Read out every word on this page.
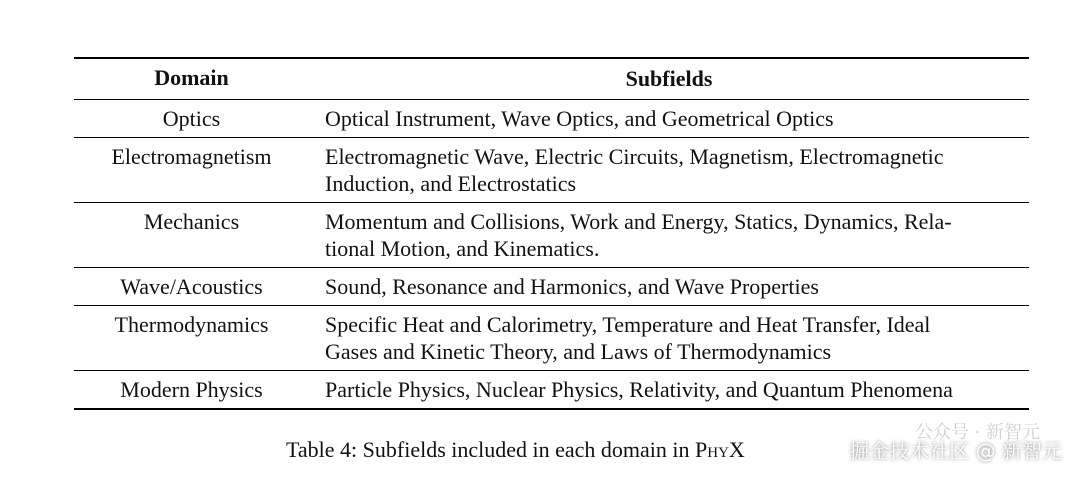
Domain	Subfields
Optics	Optical Instrument, Wave Optics, and Geometrical Optics
Electromagnetism	Electromagnetic Wave, Electric Circuits, Magnetism, Electromagnetic
Induction, and Electrostatics

Mechanics	Momentum and Collisions, Work and Energy, Statics, Dynamics, Rela-
tional Motion, and Kinematics.

Wave/Acoustics	Sound, Resonance and Harmonics, and Wave Properties
Thermodynamics	Specific Heat and Calorimetry, Temperature and Heat Transfer, Ideal
Gases and Kinetic Theory, and Laws of Thermodynamics

Modern Physics	Particle Physics, Nuclear Physics, Relativity, and Quantum Phenomena
Table 4: Subfields included in each domain in PhyX
公众号 · 新智元
掘金技术社区 @ 新智元
